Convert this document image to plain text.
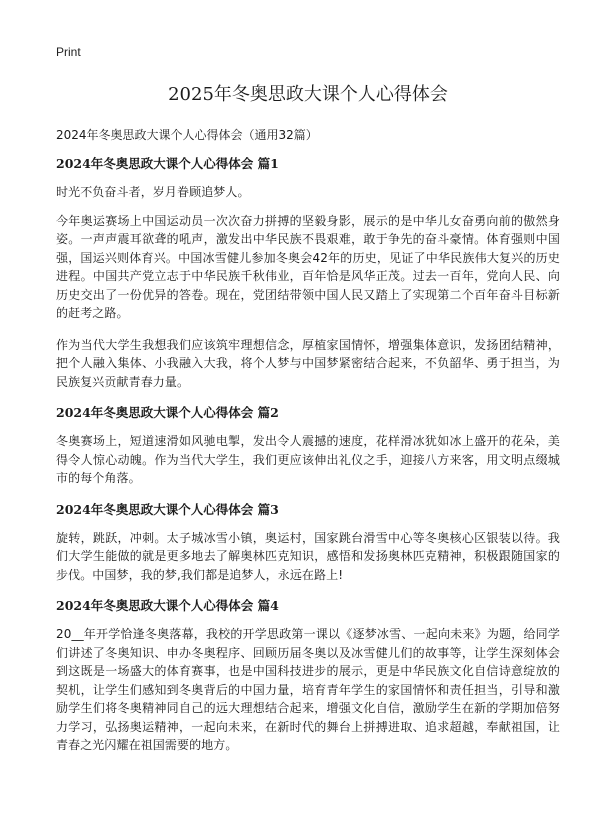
Print
2025年冬奥思政大课个人心得体会
2024年冬奥思政大课个人心得体会（通用32篇）
2024年冬奥思政大课个人心得体会 篇1

时光不负奋斗者，岁月眷顾追梦人。

今年奥运赛场上中国运动员一次次奋力拼搏的坚毅身影，展示的是中华儿女奋勇向前的傲然身姿。一声声震耳欲聋的吼声，激发出中华民族不畏艰难，敢于争先的奋斗豪情。体育强则中国强，国运兴则体育兴。中国冰雪健儿参加冬奥会42年的历史，见证了中华民族伟大复兴的历史进程。中国共产党立志于中华民族千秋伟业，百年恰是风华正茂。过去一百年，党向人民、向历史交出了一份优异的答卷。现在，党团结带领中国人民又踏上了实现第二个百年奋斗目标新的赶考之路。

作为当代大学生我想我们应该筑牢理想信念，厚植家国情怀，增强集体意识，发扬团结精神，把个人融入集体、小我融入大我，将个人梦与中国梦紧密结合起来，不负韶华、勇于担当，为民族复兴贡献青春力量。

2024年冬奥思政大课个人心得体会 篇2

冬奥赛场上，短道速滑如风驰电掣，发出令人震撼的速度，花样滑冰犹如冰上盛开的花朵，美得令人惊心动魄。作为当代大学生，我们更应该伸出礼仪之手，迎接八方来客，用文明点缀城市的每个角落。

2024年冬奥思政大课个人心得体会 篇3

旋转，跳跃，冲刺。太子城冰雪小镇，奥运村，国家跳台滑雪中心等冬奥核心区银装以待。我们大学生能做的就是更多地去了解奥林匹克知识，感悟和发扬奥林匹克精神，积极跟随国家的步伐。中国梦，我的梦,我们都是追梦人，永远在路上!

2024年冬奥思政大课个人心得体会 篇4

20__年开学恰逢冬奥落幕，我校的开学思政第一课以《逐梦冰雪、一起向未来》为题，给同学们讲述了冬奥知识、申办冬奥程序、回顾历届冬奥以及冰雪健儿们的故事等，让学生深刻体会到这既是一场盛大的体育赛事，也是中国科技进步的展示，更是中华民族文化自信诗意绽放的契机，让学生们感知到冬奥背后的中国力量，培育青年学生的家国情怀和责任担当，引导和激励学生们将冬奥精神同自己的远大理想结合起来，增强文化自信，激励学生在新的学期加倍努力学习，弘扬奥运精神，一起向未来，在新时代的舞台上拼搏进取、追求超越，奉献祖国，让青春之光闪耀在祖国需要的地方。
